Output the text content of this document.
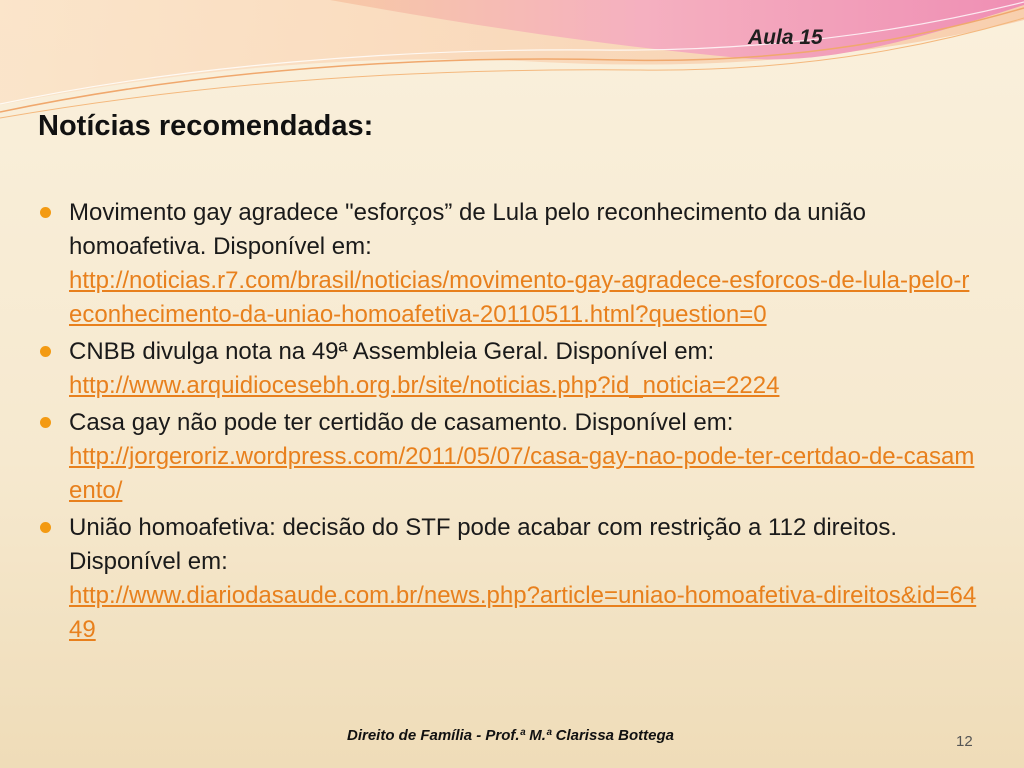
Aula 15
Notícias recomendadas:
Movimento gay agradece "esforços” de Lula pelo reconhecimento da união homoafetiva. Disponível em:
http://noticias.r7.com/brasil/noticias/movimento-gay-agradece-esforcos-de-lula-pelo-reconhecimento-da-uniao-homoafetiva-20110511.html?question=0
CNBB divulga nota na 49ª Assembleia Geral. Disponível em:
http://www.arquidiocesebh.org.br/site/noticias.php?id_noticia=2224
Casa gay não pode ter certidão de casamento. Disponível em:
http://jorgeroriz.wordpress.com/2011/05/07/casa-gay-nao-pode-ter-certdao-de-casamento/
União homoafetiva: decisão do STF pode acabar com restrição a 112 direitos. Disponível em:
http://www.diariodasaude.com.br/news.php?article=uniao-homoafetiva-direitos&id=6449
Direito de Família - Prof.ª M.ª Clarissa Bottega	12
